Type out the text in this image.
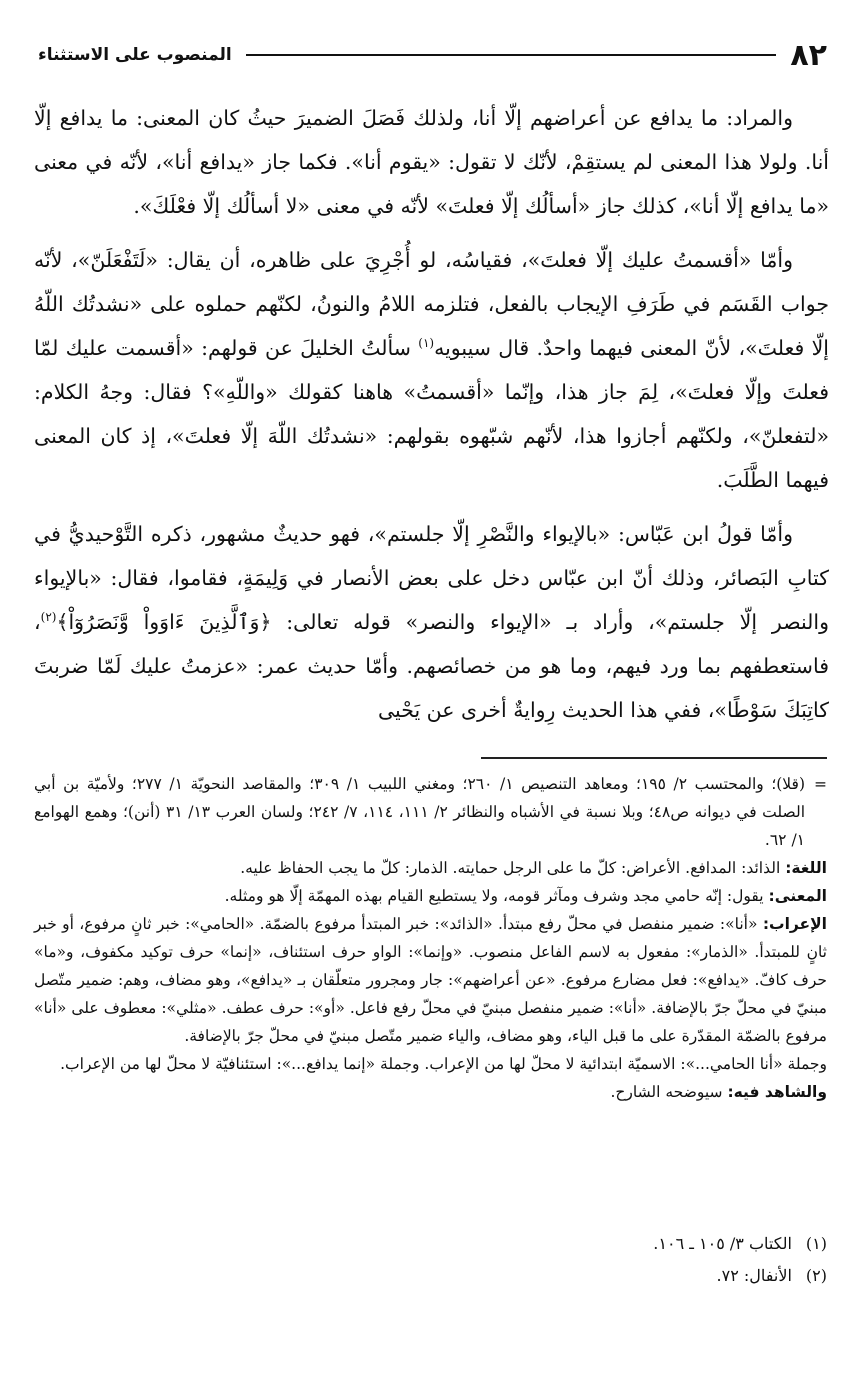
٨٢
المنصوب على الاستثناء

والمراد: ما يدافع عن أعراضهم إلّا أنا، ولذلك فَصَلَ الضميرَ حيثُ كان المعنى: ما يدافع إلّا أنا. ولولا هذا المعنى لم يستقِمْ، لأنّك لا تقول: «يقوم أنا». فكما جاز «يدافع أنا»، لأنّه في معنى «ما يدافع إلّا أنا»، كذلك جاز «أسألُك إلّا فعلتَ» لأنّه في معنى «لا أسألُك إلّا فعْلَكَ».

وأمّا «أقسمتُ عليك إلّا فعلتَ»، فقياسُه، لو أُجْرِيَ على ظاهره، أن يقال: «لَتَفْعَلَنّ»، لأنّه جواب القَسَم في طَرَفِ الإيجاب بالفعل، فتلزمه اللامُ والنونُ، لكنّهم حملوه على «نشدتُك اللّهُ إلّا فعلتَ»، لأنّ المعنى فيهما واحدٌ. قال سيبويه$^{(١)}$ سألتُ الخليلَ عن قولهم: «أقسمت عليك لمّا فعلتَ وإلّا فعلتَ»، لِمَ جاز هذا، وإنّما «أقسمتُ» هاهنا كقولك «واللّهِ»؟ فقال: وجهُ الكلام: «لتفعلنّ»، ولكنّهم أجازوا هذا، لأنّهم شبّهوه بقولهم: «نشدتُك اللّهَ إلّا فعلتَ»، إذ كان المعنى فيهما الطَّلَبَ.

وأمّا قولُ ابن عَبّاس: «بالإيواء والنَّصْرِ إلّا جلستم»، فهو حديثٌ مشهور، ذكره التَّوْحيديُّ في كتابِ البَصائر، وذلك أنّ ابن عبّاس دخل على بعض الأنصار في وَلِيمَةٍ، فقاموا، فقال: «بالإيواء والنصر إلّا جلستم»، وأراد بـ «الإيواء والنصر» قوله تعالى: ﴿وَٱلَّذِينَ ءَاوَواْ وَّنَصَرُوٓاْ﴾$^{(٢)}$، فاستعطفهم بما ورد فيهم، وما هو من خصائصهم. وأمّا حديث عمر: «عزمتُ عليك لَمّا ضربتَ كاتِبَكَ سَوْطًا»، ففي هذا الحديث رِوايةٌ أخرى عن يَحْيى

=
(قلا)؛ والمحتسب ٢/ ١٩٥؛ ومعاهد التنصيص ١/ ٢٦٠؛ ومغني اللبيب ١/ ٣٠٩؛ والمقاصد النحويّة ١/ ٢٧٧؛ ولأميّة بن أبي الصلت في ديوانه ص٤٨؛ وبلا نسبة في الأشباه والنظائر ٢/ ١١١، ١١٤، ٧/ ٢٤٢؛ ولسان العرب ١٣/ ٣١ (أنن)؛ وهمع الهوامع ١/ ٦٢.

اللغة: الذائد: المدافع. الأعراض: كلّ ما على الرجل حمايته. الذمار: كلّ ما يجب الحفاظ عليه.

المعنى: يقول: إنّه حامي مجد وشرف ومآثر قومه، ولا يستطيع القيام بهذه المهمّة إلّا هو ومثله.

الإعراب: «أنا»: ضمير منفصل في محلّ رفع مبتدأ. «الذائد»: خبر المبتدأ مرفوع بالضمّة. «الحامي»: خبر ثانٍ مرفوع، أو خبر ثانٍ للمبتدأ. «الذمار»: مفعول به لاسم الفاعل منصوب. «وإنما»: الواو حرف استئناف، «إنما» حرف توكيد مكفوف، و«ما» حرف كافّ. «يدافع»: فعل مضارع مرفوع. «عن أعراضهم»: جار ومجرور متعلّقان بـ «يدافع»، وهو مضاف، وهم: ضمير متّصل مبنيّ في محلّ جرّ بالإضافة. «أنا»: ضمير منفصل مبنيّ في محلّ رفع فاعل. «أو»: حرف عطف. «مثلي»: معطوف على «أنا» مرفوع بالضمّة المقدّرة على ما قبل الياء، وهو مضاف، والياء ضمير متّصل مبنيّ في محلّ جرّ بالإضافة.

وجملة «أنا الحامي...»: الاسميّة ابتدائية لا محلّ لها من الإعراب. وجملة «إنما يدافع...»: استئنافيّة لا محلّ لها من الإعراب.

والشاهد فيه: سيوضحه الشارح.

(١)الكتاب ٣/ ١٠٥ ـ ١٠٦.

(٢)الأنفال: ٧٢.
